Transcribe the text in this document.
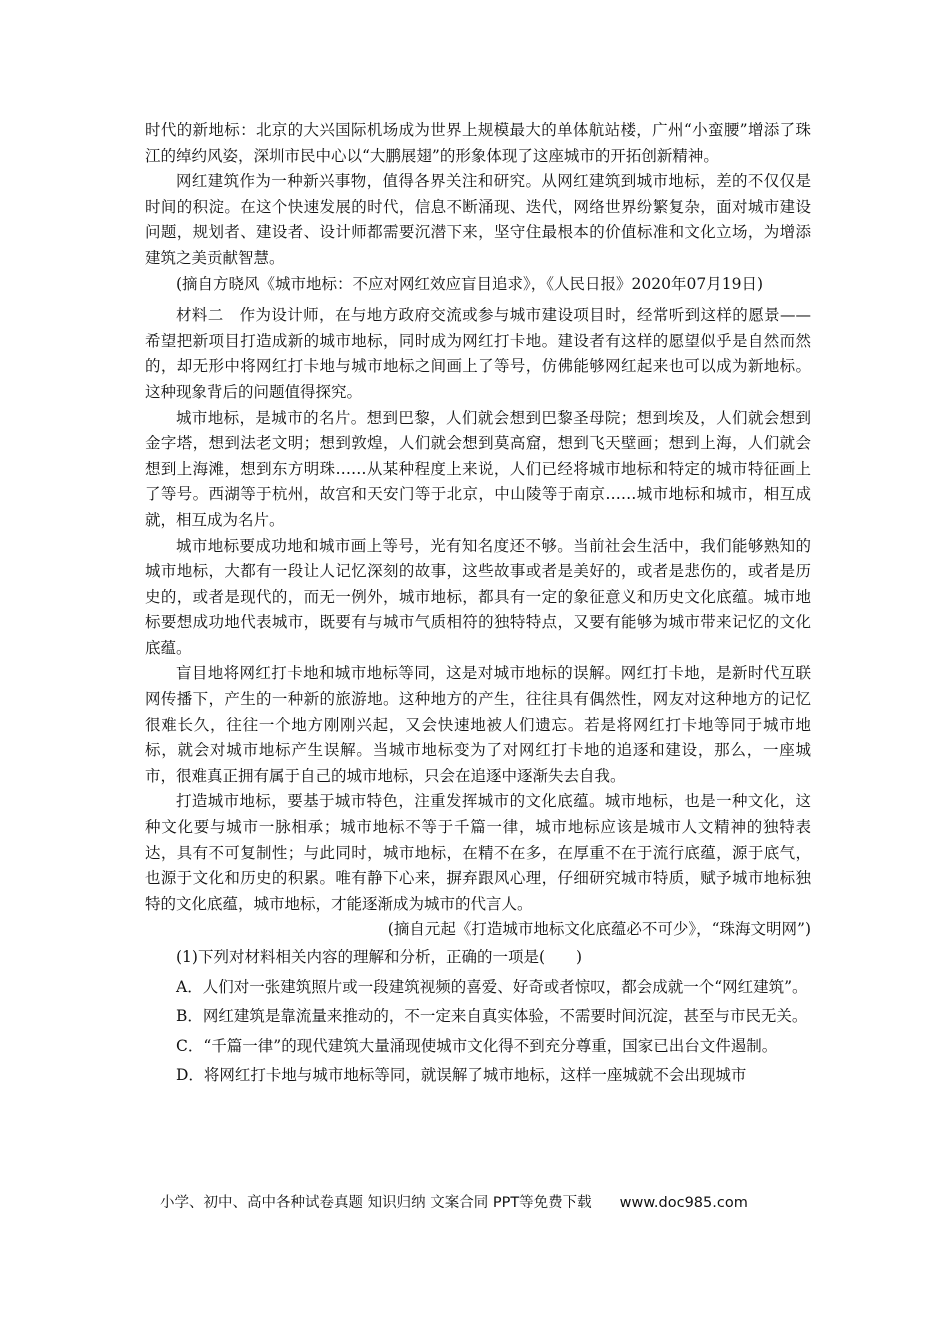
时代的新地标：北京的大兴国际机场成为世界上规模最大的单体航站楼，广州“小蛮腰”增添了珠江的绰约风姿，深圳市民中心以“大鹏展翅”的形象体现了这座城市的开拓创新精神。

网红建筑作为一种新兴事物，值得各界关注和研究。从网红建筑到城市地标，差的不仅仅是时间的积淀。在这个快速发展的时代，信息不断涌现、迭代，网络世界纷繁复杂，面对城市建设问题，规划者、建设者、设计师都需要沉潜下来，坚守住最根本的价值标准和文化立场，为增添建筑之美贡献智慧。

(摘自方晓风《城市地标：不应对网红效应盲目追求》，《人民日报》2020年07月19日)

材料二　作为设计师，在与地方政府交流或参与城市建设项目时，经常听到这样的愿景——希望把新项目打造成新的城市地标，同时成为网红打卡地。建设者有这样的愿望似乎是自然而然的，却无形中将网红打卡地与城市地标之间画上了等号，仿佛能够网红起来也可以成为新地标。这种现象背后的问题值得探究。

城市地标，是城市的名片。想到巴黎，人们就会想到巴黎圣母院；想到埃及，人们就会想到金字塔，想到法老文明；想到敦煌，人们就会想到莫高窟，想到飞天壁画；想到上海，人们就会想到上海滩，想到东方明珠……从某种程度上来说，人们已经将城市地标和特定的城市特征画上了等号。西湖等于杭州，故宫和天安门等于北京，中山陵等于南京……城市地标和城市，相互成就，相互成为名片。

城市地标要成功地和城市画上等号，光有知名度还不够。当前社会生活中，我们能够熟知的城市地标，大都有一段让人记忆深刻的故事，这些故事或者是美好的，或者是悲伤的，或者是历史的，或者是现代的，而无一例外，城市地标，都具有一定的象征意义和历史文化底蕴。城市地标要想成功地代表城市，既要有与城市气质相符的独特特点，又要有能够为城市带来记忆的文化底蕴。

盲目地将网红打卡地和城市地标等同，这是对城市地标的误解。网红打卡地，是新时代互联网传播下，产生的一种新的旅游地。这种地方的产生，往往具有偶然性，网友对这种地方的记忆很难长久，往往一个地方刚刚兴起，又会快速地被人们遗忘。若是将网红打卡地等同于城市地标，就会对城市地标产生误解。当城市地标变为了对网红打卡地的追逐和建设，那么，一座城市，很难真正拥有属于自己的城市地标，只会在追逐中逐渐失去自我。

打造城市地标，要基于城市特色，注重发挥城市的文化底蕴。城市地标，也是一种文化，这种文化要与城市一脉相承；城市地标不等于千篇一律，城市地标应该是城市人文精神的独特表达，具有不可复制性；与此同时，城市地标，在精不在多，在厚重不在于流行底蕴，源于底气，也源于文化和历史的积累。唯有静下心来，摒弃跟风心理，仔细研究城市特质，赋予城市地标独特的文化底蕴，城市地标，才能逐渐成为城市的代言人。

(摘自元起《打造城市地标文化底蕴必不可少》，“珠海文明网”)

(1)下列对材料相关内容的理解和分析，正确的一项是(　　)

A．人们对一张建筑照片或一段建筑视频的喜爱、好奇或者惊叹，都会成就一个“网红建筑”。

B．网红建筑是靠流量来推动的，不一定来自真实体验，不需要时间沉淀，甚至与市民无关。

C．“千篇一律”的现代建筑大量涌现使城市文化得不到充分尊重，国家已出台文件遏制。

D．将网红打卡地与城市地标等同，就误解了城市地标，这样一座城就不会出现城市

小学、初中、高中各种试卷真题 知识归纳 文案合同 PPT等免费下载 www.doc985.com
